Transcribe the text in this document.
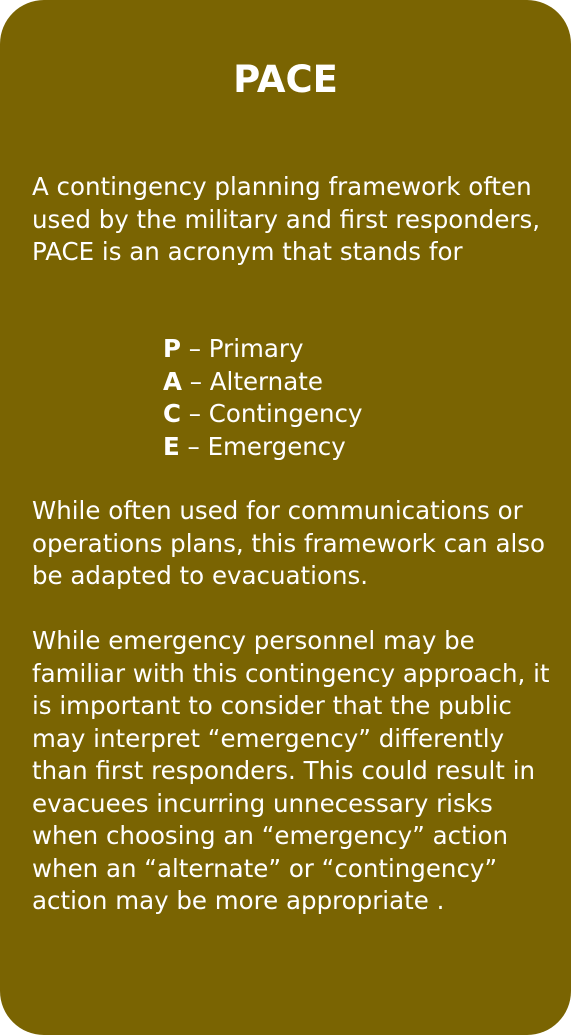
PACE

A contingency planning framework often used by the military and first responders, PACE is an acronym that stands for

P – Primary
A – Alternate
C – Contingency
E – Emergency

While often used for communications or operations plans, this framework can also be adapted to evacuations.

While emergency personnel may be familiar with this contingency approach, it is important to consider that the public may interpret “emergency” differently than first responders. This could result in evacuees incurring unnecessary risks when choosing an “emergency” action when an “alternate” or “contingency” action may be more appropriate .
